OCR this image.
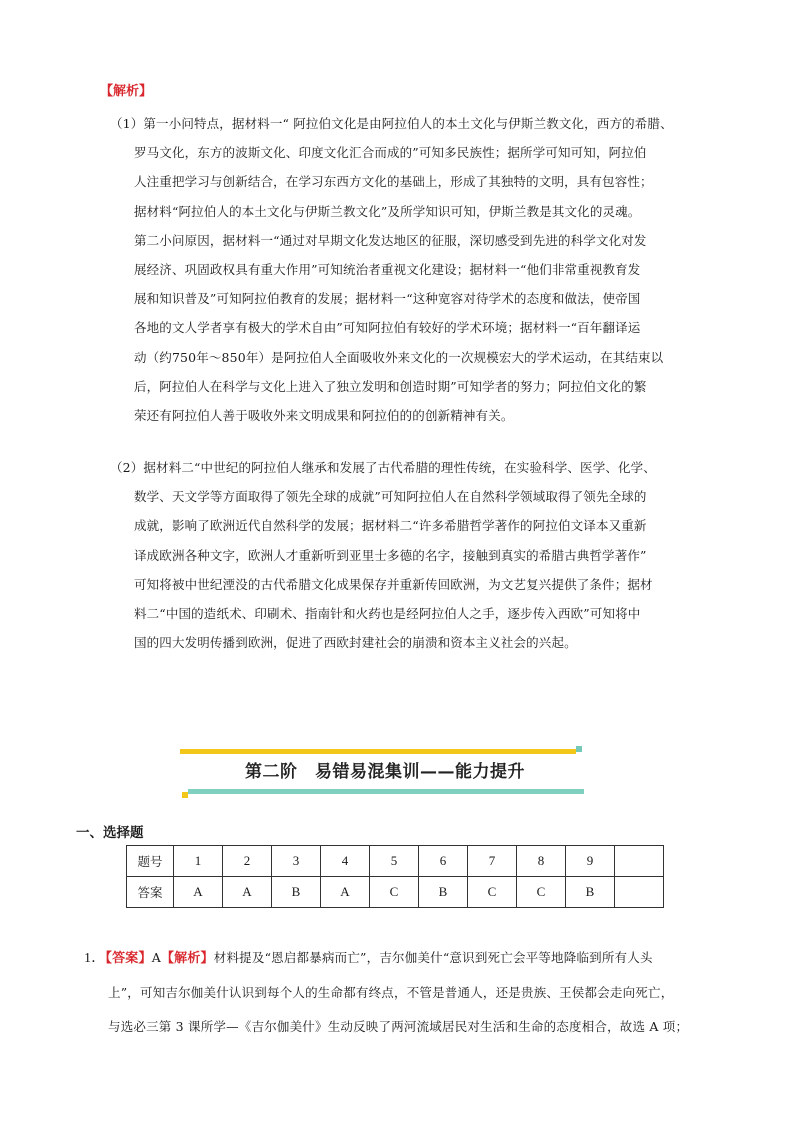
【解析】

（1）第一小问特点，据材料一“ 阿拉伯文化是由阿拉伯人的本土文化与伊斯兰教文化，西方的希腊、

罗马文化，东方的波斯文化、印度文化汇合而成的”可知多民族性；据所学可知可知，阿拉伯

人注重把学习与创新结合，在学习东西方文化的基础上，形成了其独特的文明，具有包容性；

据材料“阿拉伯人的本土文化与伊斯兰教文化”及所学知识可知，伊斯兰教是其文化的灵魂。

第二小问原因，据材料一“通过对早期文化发达地区的征服，深切感受到先进的科学文化对发

展经济、巩固政权具有重大作用”可知统治者重视文化建设；据材料一“他们非常重视教育发

展和知识普及”可知阿拉伯教育的发展；据材料一“这种宽容对待学术的态度和做法，使帝国

各地的文人学者享有极大的学术自由”可知阿拉伯有较好的学术环境；据材料一“百年翻译运

动（约750年～850年）是阿拉伯人全面吸收外来文化的一次规模宏大的学术运动，在其结束以

后，阿拉伯人在科学与文化上进入了独立发明和创造时期”可知学者的努力；阿拉伯文化的繁

荣还有阿拉伯人善于吸收外来文明成果和阿拉伯的的创新精神有关。

（2）据材料二“中世纪的阿拉伯人继承和发展了古代希腊的理性传统，在实验科学、医学、化学、

数学、天文学等方面取得了领先全球的成就”可知阿拉伯人在自然科学领域取得了领先全球的

成就，影响了欧洲近代自然科学的发展；据材料二“许多希腊哲学著作的阿拉伯文译本又重新

译成欧洲各种文字，欧洲人才重新听到亚里士多德的名字，接触到真实的希腊古典哲学著作”

可知将被中世纪湮没的古代希腊文化成果保存并重新传回欧洲，为文艺复兴提供了条件；据材

料二“中国的造纸术、印刷术、指南针和火药也是经阿拉伯人之手，逐步传入西欧”可知将中

国的四大发明传播到欧洲，促进了西欧封建社会的崩溃和资本主义社会的兴起。

第二阶　易错易混集训——能力提升
一、选择题
题号	1	2	3	4	5	6	7	8	9	
答案	A	A	B	A	C	B	C	C	B	

1．【答案】A【解析】材料提及“恩启都暴病而亡”，吉尔伽美什“意识到死亡会平等地降临到所有人头

上”，可知吉尔伽美什认识到每个人的生命都有终点，不管是普通人，还是贵族、王侯都会走向死亡，

与选必三第 3 课所学—《吉尔伽美什》生动反映了两河流域居民对生活和生命的态度相合，故选 A 项；
